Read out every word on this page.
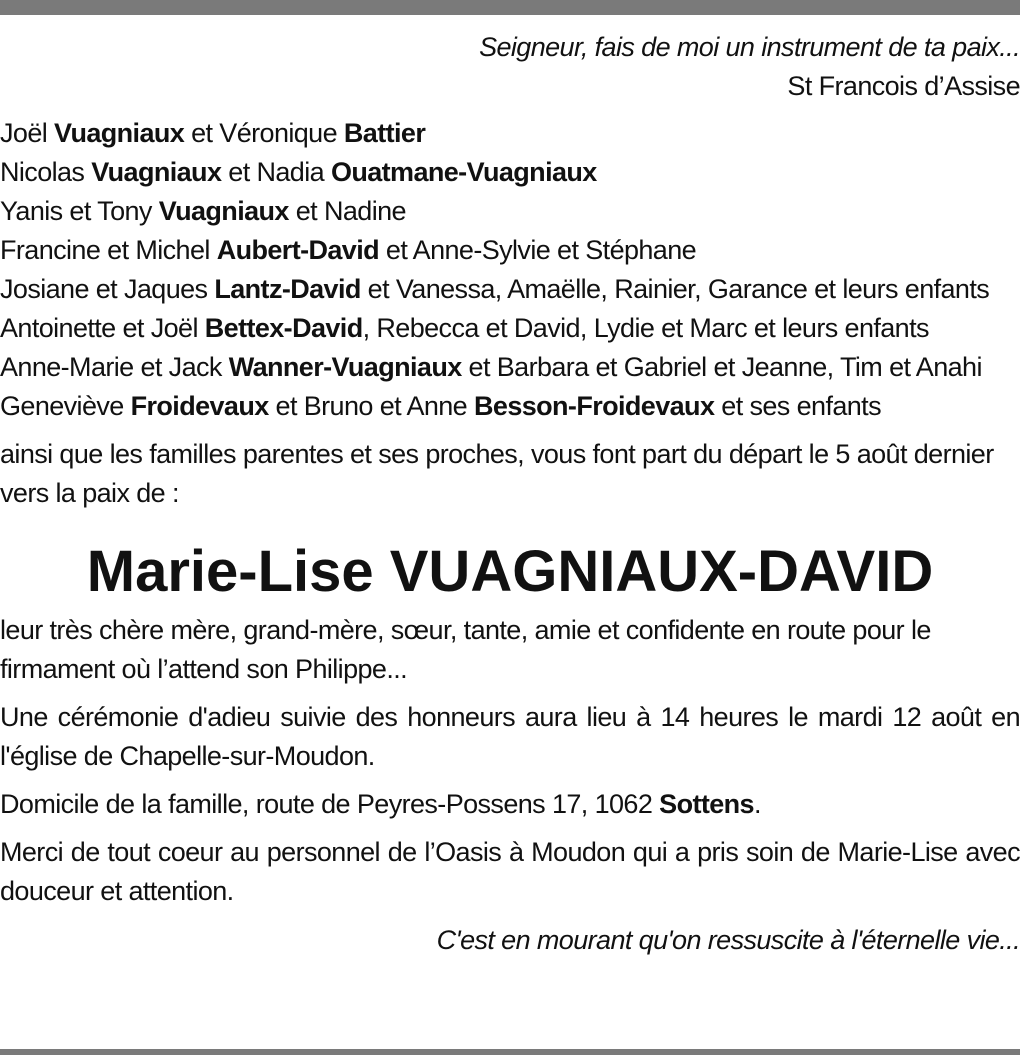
Seigneur, fais de moi un instrument de ta paix...
St Francois d’Assise
Joël Vuagniaux et Véronique Battier
Nicolas Vuagniaux et Nadia Ouatmane-Vuagniaux
Yanis et Tony Vuagniaux et Nadine
Francine et Michel Aubert-David et Anne-Sylvie et Stéphane
Josiane et Jaques Lantz-David et Vanessa, Amaëlle, Rainier, Garance et leurs enfants
Antoinette et Joël Bettex-David, Rebecca et David, Lydie et Marc et leurs enfants
Anne-Marie et Jack Wanner-Vuagniaux et Barbara et Gabriel et Jeanne, Tim et Anahi
Geneviève Froidevaux et Bruno et Anne Besson-Froidevaux et ses enfants
ainsi que les familles parentes et ses proches, vous font part du départ le 5 août dernier vers la paix de :
Marie-Lise VUAGNIAUX-DAVID
leur très chère mère, grand-mère, sœur, tante, amie et confidente en route pour le firmament où l’attend son Philippe...
Une cérémonie d'adieu suivie des honneurs aura lieu à 14 heures le mardi 12 août en l'église de Chapelle-sur-Moudon.
Domicile de la famille, route de Peyres-Possens 17, 1062 Sottens.
Merci de tout coeur au personnel de l’Oasis à Moudon qui a pris soin de Marie-Lise avec douceur et attention.
C'est en mourant qu'on ressuscite à l'éternelle vie...
